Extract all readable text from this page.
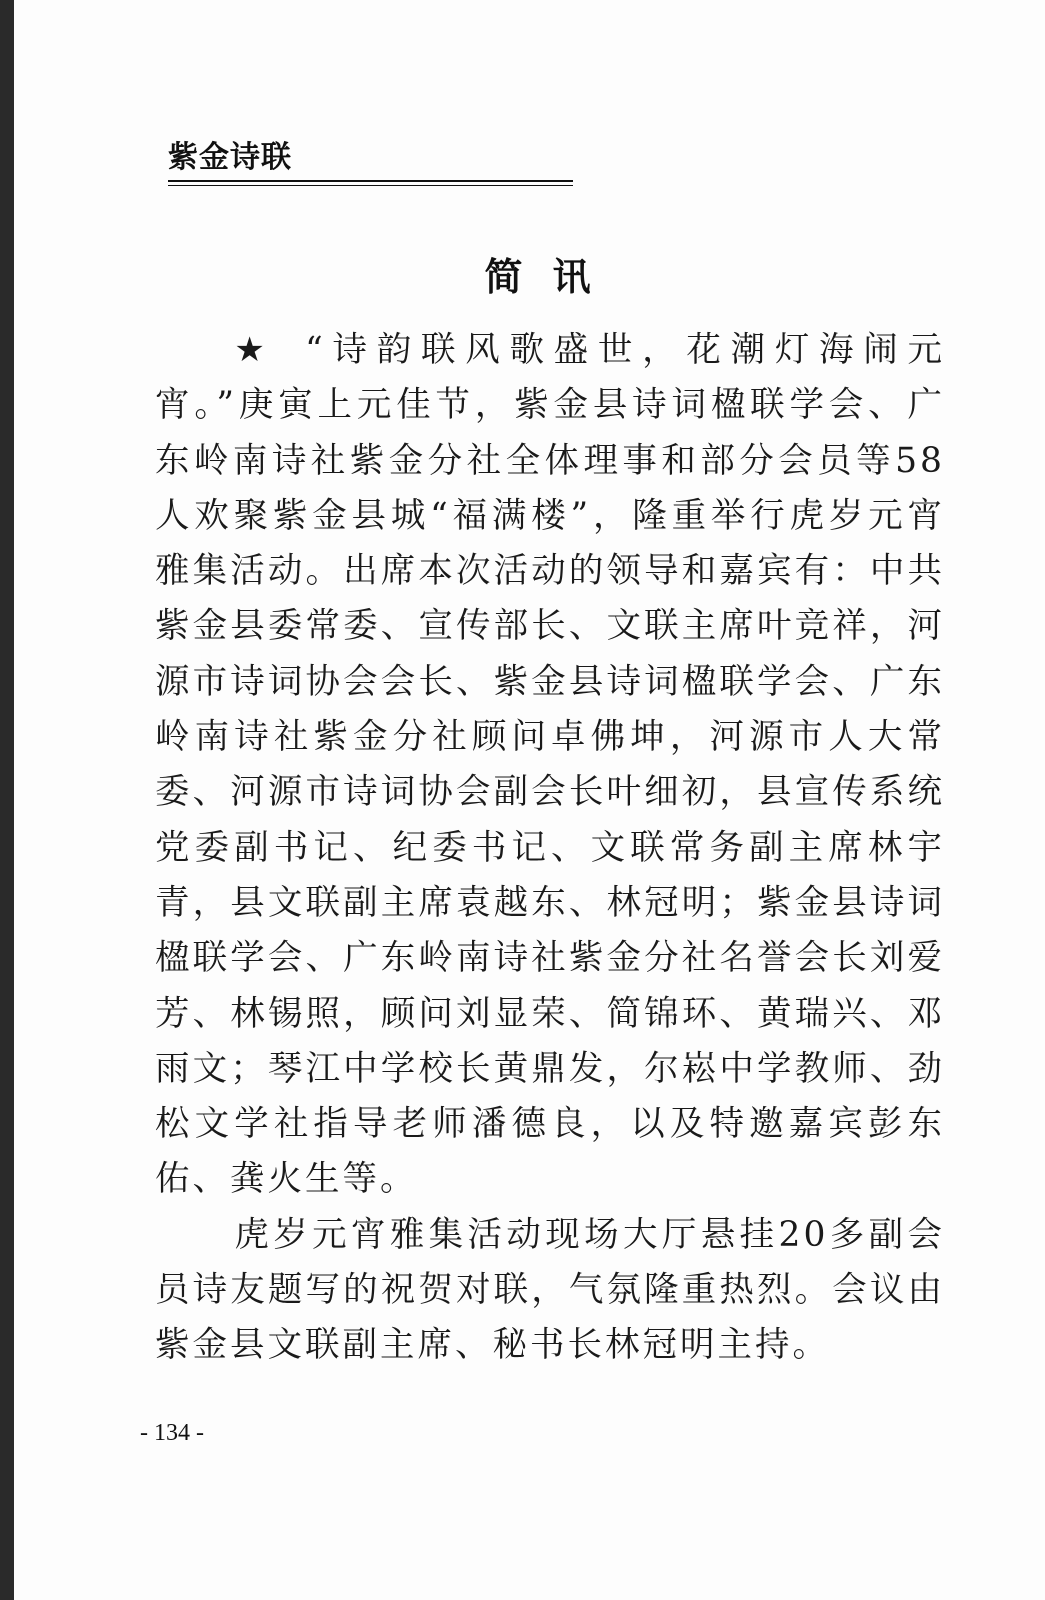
紫金诗联
简讯

★ “诗韵联风歌盛世，花潮灯海闹元宵。”庚寅上元佳节，紫金县诗词楹联学会、广东岭南诗社紫金分社全体理事和部分会员等58人欢聚紫金县城“福满楼”，隆重举行虎岁元宵雅集活动。出席本次活动的领导和嘉宾有：中共紫金县委常委、宣传部长、文联主席叶竞祥，河源市诗词协会会长、紫金县诗词楹联学会、广东岭南诗社紫金分社顾问卓佛坤，河源市人大常委、河源市诗词协会副会长叶细初，县宣传系统党委副书记、纪委书记、文联常务副主席林宇青，县文联副主席袁越东、林冠明；紫金县诗词楹联学会、广东岭南诗社紫金分社名誉会长刘爱芳、林锡照，顾问刘显荣、简锦环、黄瑞兴、邓雨文；琴江中学校长黄鼎发，尔崧中学教师、劲松文学社指导老师潘德良，以及特邀嘉宾彭东佑、龚火生等。

虎岁元宵雅集活动现场大厅悬挂20多副会员诗友题写的祝贺对联，气氛隆重热烈。会议由紫金县文联副主席、秘书长林冠明主持。

- 134 -
